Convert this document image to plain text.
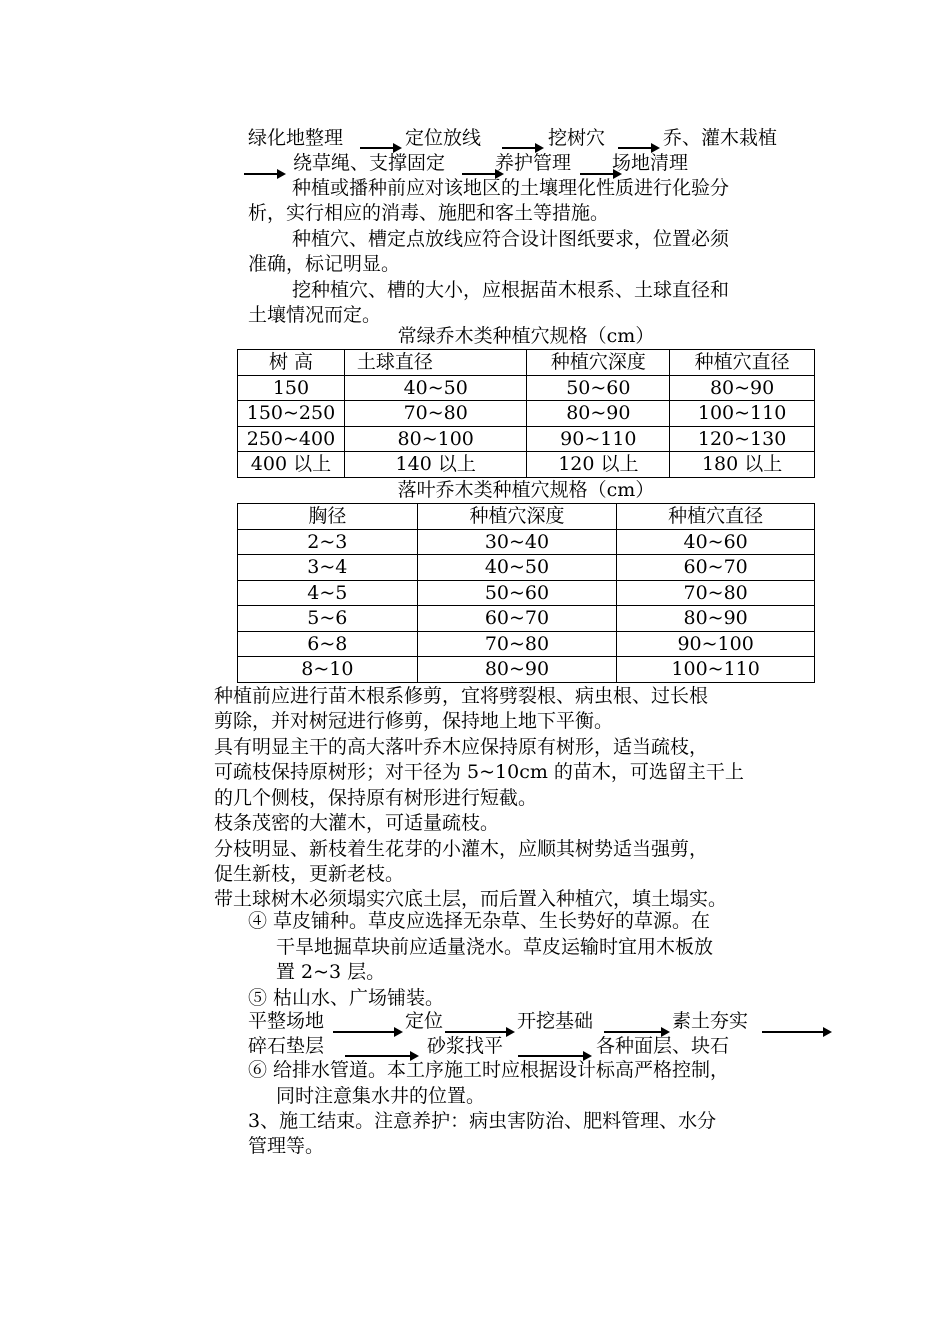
绿化地整理	定位放线	挖树穴	乔、灌木栽植
绕草绳、支撑固定	养护管理 场地清理
种植或播种前应对该地区的土壤理化性质进行化验分
析，实行相应的消毒、施肥和客土等措施。
种植穴、槽定点放线应符合设计图纸要求，位置必须
准确，标记明显。
挖种植穴、槽的大小，应根据苗木根系、土球直径和
土壤情况而定。
常绿乔木类种植穴规格（cm）
树 高	土球直径	种植穴深度	种植穴直径
150	40~50	50~60	80~90
150~250	70~80	80~90	100~110
250~400	80~100	90~110	120~130
400 以上	140 以上	120 以上	180 以上
落叶乔木类种植穴规格（cm）
胸径	种植穴深度	种植穴直径
2~3	30~40	40~60
3~4	40~50	60~70
4~5	50~60	70~80
5~6	60~70	80~90
6~8	70~80	90~100
8~10	80~90	100~110
种植前应进行苗木根系修剪，宜将劈裂根、病虫根、过长根
剪除，并对树冠进行修剪，保持地上地下平衡。
具有明显主干的高大落叶乔木应保持原有树形，适当疏枝，
可疏枝保持原树形；对干径为 5~10cm 的苗木，可选留主干上
的几个侧枝，保持原有树形进行短截。
枝条茂密的大灌木，可适量疏枝。
分枝明显、新枝着生花芽的小灌木，应顺其树势适当强剪，
促生新枝，更新老枝。
带土球树木必须塌实穴底土层，而后置入种植穴，填土塌实。
④ 草皮铺种。草皮应选择无杂草、生长势好的草源。在
干旱地掘草块前应适量浇水。草皮运输时宜用木板放
置 2~3 层。
⑤ 枯山水、广场铺装。
平整场地	定位	开挖基础	素土夯实
碎石垫层	砂浆找平	各种面层、块石
⑥ 给排水管道。本工序施工时应根据设计标高严格控制，
同时注意集水井的位置。
3、施工结束。注意养护：病虫害防治、肥料管理、水分
管理等。
